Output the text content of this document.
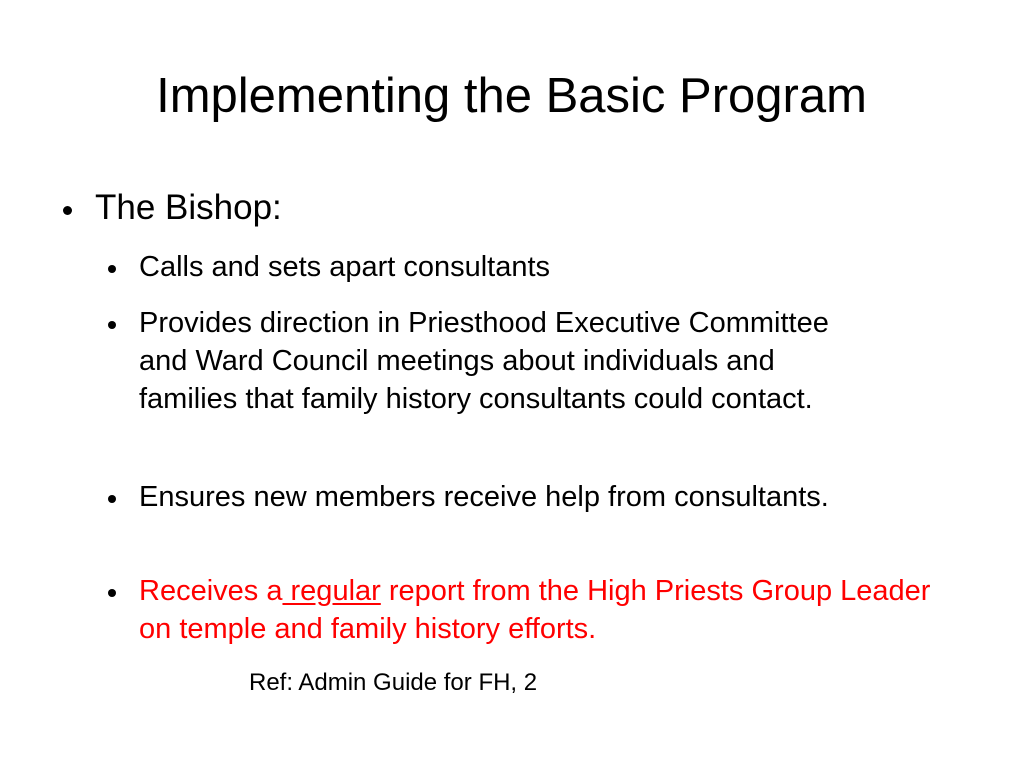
Implementing the Basic Program
The Bishop:
Calls and sets apart consultants
Provides direction in Priesthood Executive Committee and Ward Council meetings about individuals and families that family history consultants could contact.
Ensures new members receive help from consultants.
Receives a regular report from the High Priests Group Leader on temple and family history efforts.
Ref: Admin Guide for FH, 2
